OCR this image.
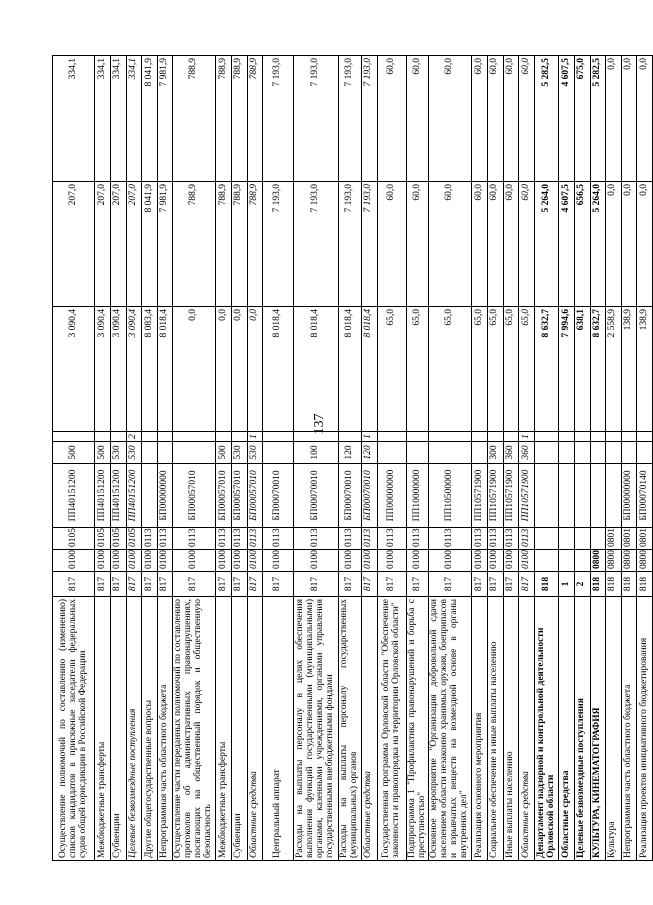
137
Осуществление полномочий по составлению (изменению) списков кандидатов в присяжные заседатели федеральных судов общей юрисдикции в Российской Федерации	817	0100	0105	ПП40151200	500		3 090,4	207,0	334,1
Межбюджетные трансферты	817	0100	0105	ПП40151200	500		3 090,4	207,0	334,1
Субвенции	817	0100	0105	ПП40151200	530		3 090,4	207,0	334,1
Целевые безвозмездные поступления	817	0100	0105	ПП40151200	530	2	3 090,4	207,0	334,1
Другие общегосударственные вопросы	817	0100	0113				8 083,4	8 041,9	8 041,9
Непрограммная часть областного бюджета	817	0100	0113	БП00000000			8 018,4	7 981,9	7 981,9
Осуществление части переданных полномочий по составлению протоколов об административных правонарушениях, посягающих на общественный порядок и общественную безопасность	817	0100	0113	БП00057010			0,0	788,9	788,9
Межбюджетные трансферты	817	0100	0113	БП00057010	500		0,0	788,9	788,9
Субвенции	817	0100	0113	БП00057010	530		0,0	788,9	788,9
Областные средства	817	0100	0113	БП00057010	530	1	0,0	788,9	788,9
Центральный аппарат	817	0100	0113	БП00070010			8 018,4	7 193,0	7 193,0
Расходы на выплаты персоналу в целях обеспечения выполнения функций государственными (муниципальными) органами, казенными учреждениями, органами управления государственными внебюджетными фондами	817	0100	0113	БП00070010	100		8 018,4	7 193,0	7 193,0
Расходы на выплаты персоналу государственных (муниципальных) органов	817	0100	0113	БП00070010	120		8 018,4	7 193,0	7 193,0
Областные средства	817	0100	0113	БП00070010	120	1	8 018,4	7 193,0	7 193,0
Государственная программа Орловской области "Обеспечение законности и правопорядка на территории Орловской области"	817	0100	0113	ПП00000000			65,0	60,0	60,0
Подпрограмма 1 "Профилактика правонарушений и борьба с преступностью"	817	0100	0113	ПП10000000			65,0	60,0	60,0
Основное мероприятие "Организация добровольной сдачи населением области незаконно хранимых оружия, боеприпасов и взрывчатых веществ на возмездной основе в органы внутренних дел"	817	0100	0113	ПП10500000			65,0	60,0	60,0
Реализация основного мероприятия	817	0100	0113	ПП10571900			65,0	60,0	60,0
Социальное обеспечение и иные выплаты населению	817	0100	0113	ПП10571900	300		65,0	60,0	60,0
Иные выплаты населению	817	0100	0113	ПП10571900	360		65,0	60,0	60,0
Областные средства	817	0100	0113	ПП10571900	360	1	65,0	60,0	60,0
Департамент надзорной и контрольной деятельности Орловской области	818						8 632,7	5 264,0	5 282,5
Областные средства	1						7 994,6	4 607,5	4 607,5
Целевые безвозмездные поступления	2						638,1	656,5	675,0
КУЛЬТУРА, КИНЕМАТОГРАФИЯ	818	0800					8 632,7	5 264,0	5 282,5
Культура	818	0800	0801				2 558,9	0,0	0,0
Непрограммная часть областного бюджета	818	0800	0801	БП00000000			138,9	0,0	0,0
Реализация проектов инициативного бюджетирования	818	0800	0801	БП00070140			138,9	0,0	0,0
